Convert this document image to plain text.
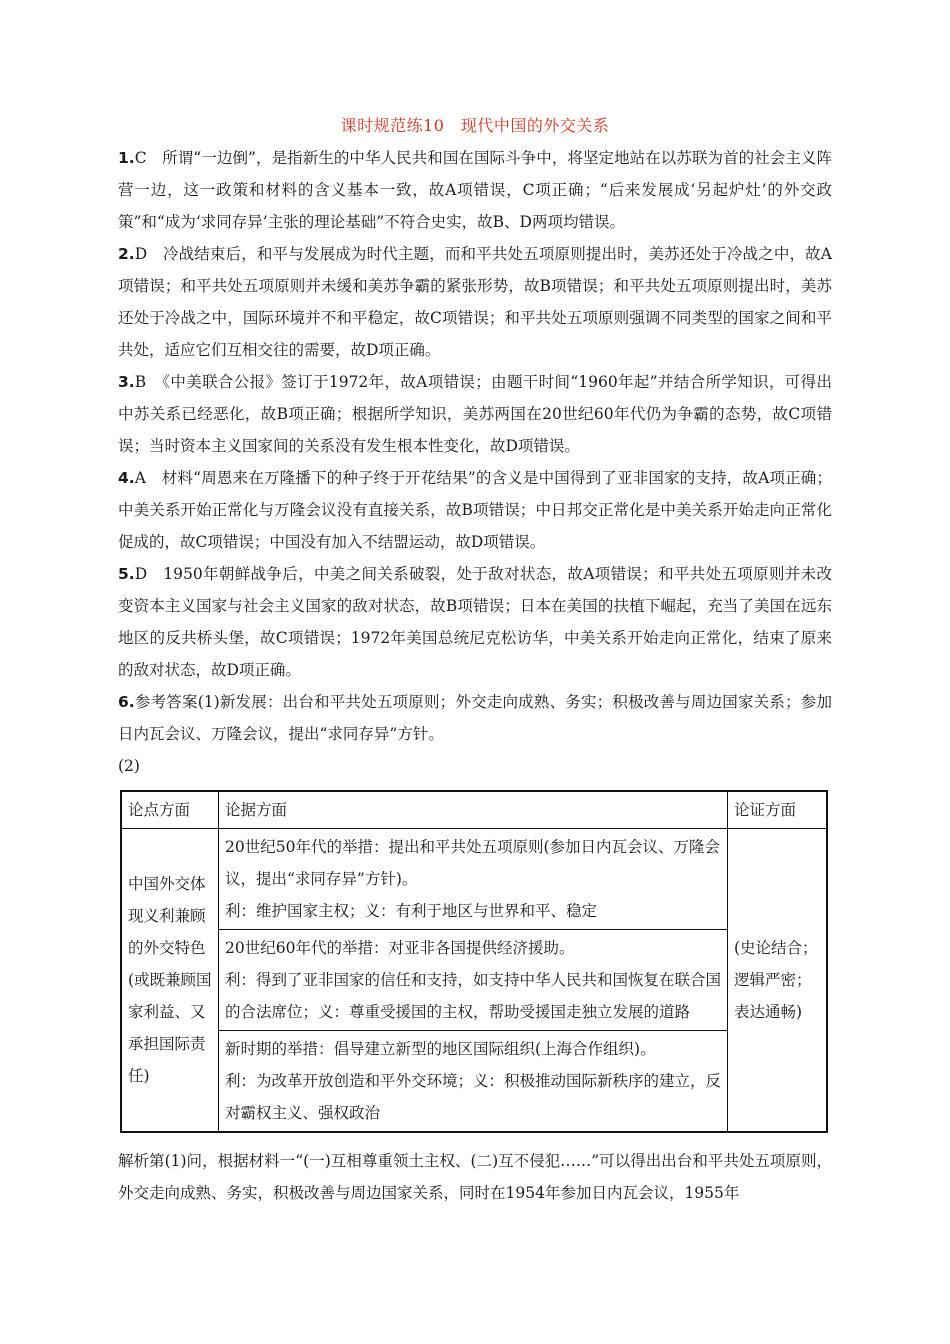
课时规范练10　现代中国的外交关系
1.C　所谓“一边倒”，是指新生的中华人民共和国在国际斗争中，将坚定地站在以苏联为首的社会主义阵营一边，这一政策和材料的含义基本一致，故A项错误，C项正确；“后来发展成‘另起炉灶’的外交政策”和“成为‘求同存异’主张的理论基础”不符合史实，故B、D两项均错误。
2.D　冷战结束后，和平与发展成为时代主题，而和平共处五项原则提出时，美苏还处于冷战之中，故A项错误；和平共处五项原则并未缓和美苏争霸的紧张形势，故B项错误；和平共处五项原则提出时，美苏还处于冷战之中，国际环境并不和平稳定，故C项错误；和平共处五项原则强调不同类型的国家之间和平共处，适应它们互相交往的需要，故D项正确。
3.B　《中美联合公报》签订于1972年，故A项错误；由题干时间“1960年起”并结合所学知识，可得出中苏关系已经恶化，故B项正确；根据所学知识，美苏两国在20世纪60年代仍为争霸的态势，故C项错误；当时资本主义国家间的关系没有发生根本性变化，故D项错误。
4.A　材料“周恩来在万隆播下的种子终于开花结果”的含义是中国得到了亚非国家的支持，故A项正确；中美关系开始正常化与万隆会议没有直接关系，故B项错误；中日邦交正常化是中美关系开始走向正常化促成的，故C项错误；中国没有加入不结盟运动，故D项错误。
5.D　1950年朝鲜战争后，中美之间关系破裂，处于敌对状态，故A项错误；和平共处五项原则并未改变资本主义国家与社会主义国家的敌对状态，故B项错误；日本在美国的扶植下崛起，充当了美国在远东地区的反共桥头堡，故C项错误；1972年美国总统尼克松访华，中美关系开始走向正常化，结束了原来的敌对状态，故D项正确。
6.参考答案(1)新发展：出台和平共处五项原则；外交走向成熟、务实；积极改善与周边国家关系；参加日内瓦会议、万隆会议，提出“求同存异”方针。
(2)
论点方面	论据方面	论证方面
中国外交体现义利兼顾的外交特色(或既兼顾国家利益、又承担国际责任)	20世纪50年代的举措：提出和平共处五项原则(参加日内瓦会议、万隆会议，提出“求同存异”方针)。
利：维护国家主权；义：有利于地区与世界和平、稳定	(史论结合；逻辑严密；表达通畅)

	20世纪60年代的举措：对亚非各国提供经济援助。
利：得到了亚非国家的信任和支持，如支持中华人民共和国恢复在联合国的合法席位；义：尊重受援国的主权，帮助受援国走独立发展的道路	

	新时期的举措：倡导建立新型的地区国际组织(上海合作组织)。
利：为改革开放创造和平外交环境；义：积极推动国际新秩序的建立，反对霸权主义、强权政治	
解析第(1)问，根据材料一“(一)互相尊重领土主权、(二)互不侵犯……”可以得出出台和平共处五项原则，外交走向成熟、务实，积极改善与周边国家关系，同时在1954年参加日内瓦会议，1955年
